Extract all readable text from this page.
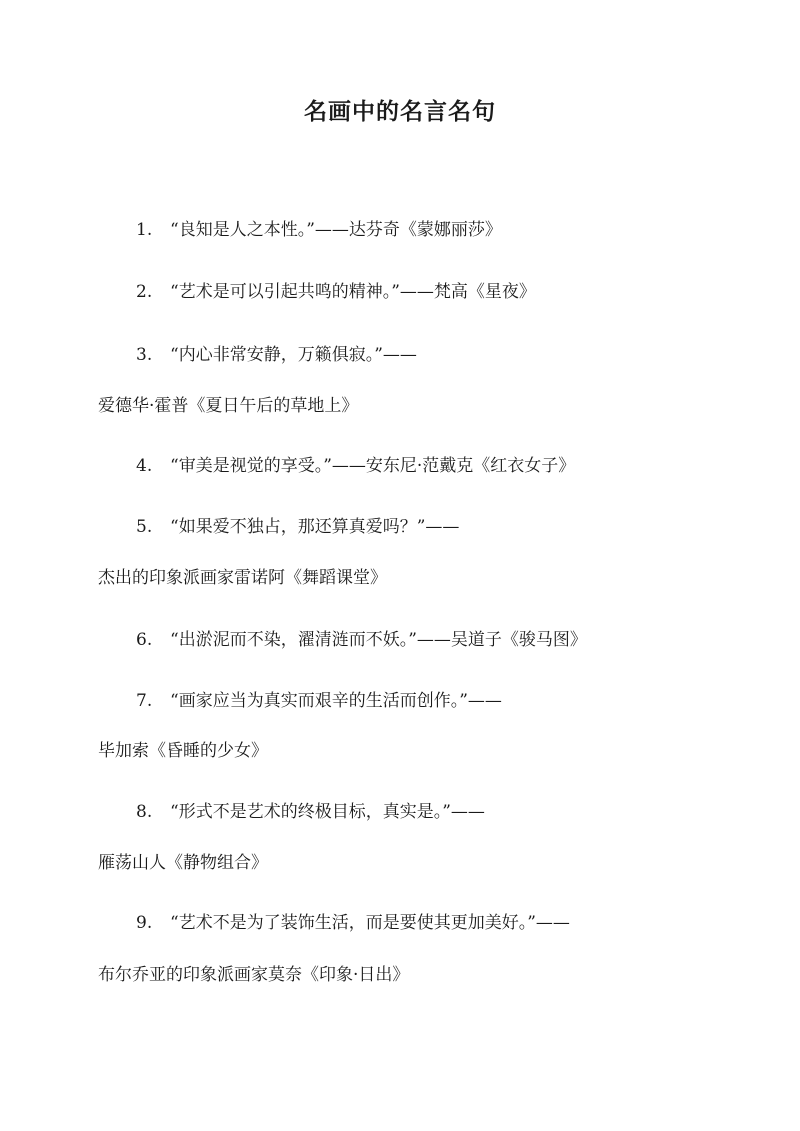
名画中的名言名句
1. “良知是人之本性。”——达芬奇《蒙娜丽莎》
2. “艺术是可以引起共鸣的精神。”——梵高《星夜》
3. “内心非常安静，万籁俱寂。”——
爱德华·霍普《夏日午后的草地上》
4. “审美是视觉的享受。”——安东尼·范戴克《红衣女子》
5. “如果爱不独占，那还算真爱吗？”——
杰出的印象派画家雷诺阿《舞蹈课堂》
6. “出淤泥而不染，濯清涟而不妖。”——吴道子《骏马图》
7. “画家应当为真实而艰辛的生活而创作。”——
毕加索《昏睡的少女》
8. “形式不是艺术的终极目标，真实是。”——
雁荡山人《静物组合》
9. “艺术不是为了装饰生活，而是要使其更加美好。”——
布尔乔亚的印象派画家莫奈《印象·日出》
